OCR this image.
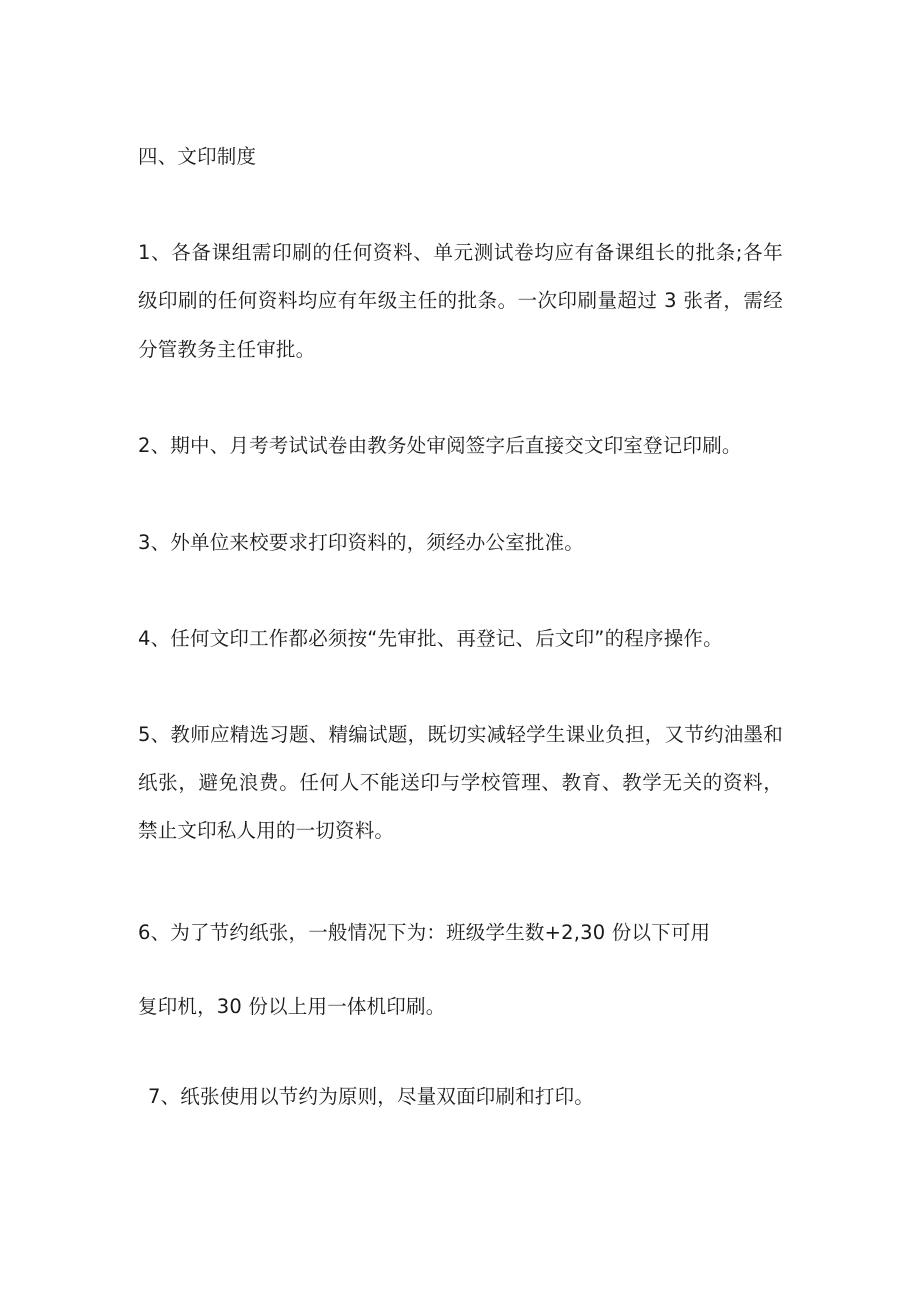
四、文印制度
1、各备课组需印刷的任何资料、单元测试卷均应有备课组长的批条;各年
级印刷的任何资料均应有年级主任的批条。一次印刷量超过 3 张者，需经
分管教务主任审批。
2、期中、月考考试试卷由教务处审阅签字后直接交文印室登记印刷。
3、外单位来校要求打印资料的，须经办公室批准。
4、任何文印工作都必须按“先审批、再登记、后文印”的程序操作。
5、教师应精选习题、精编试题，既切实减轻学生课业负担，又节约油墨和
纸张，避免浪费。任何人不能送印与学校管理、教育、教学无关的资料，
禁止文印私人用的一切资料。
6、为了节约纸张，一般情况下为：班级学生数+2,30 份以下可用
复印机，30 份以上用一体机印刷。
7、纸张使用以节约为原则，尽量双面印刷和打印。
